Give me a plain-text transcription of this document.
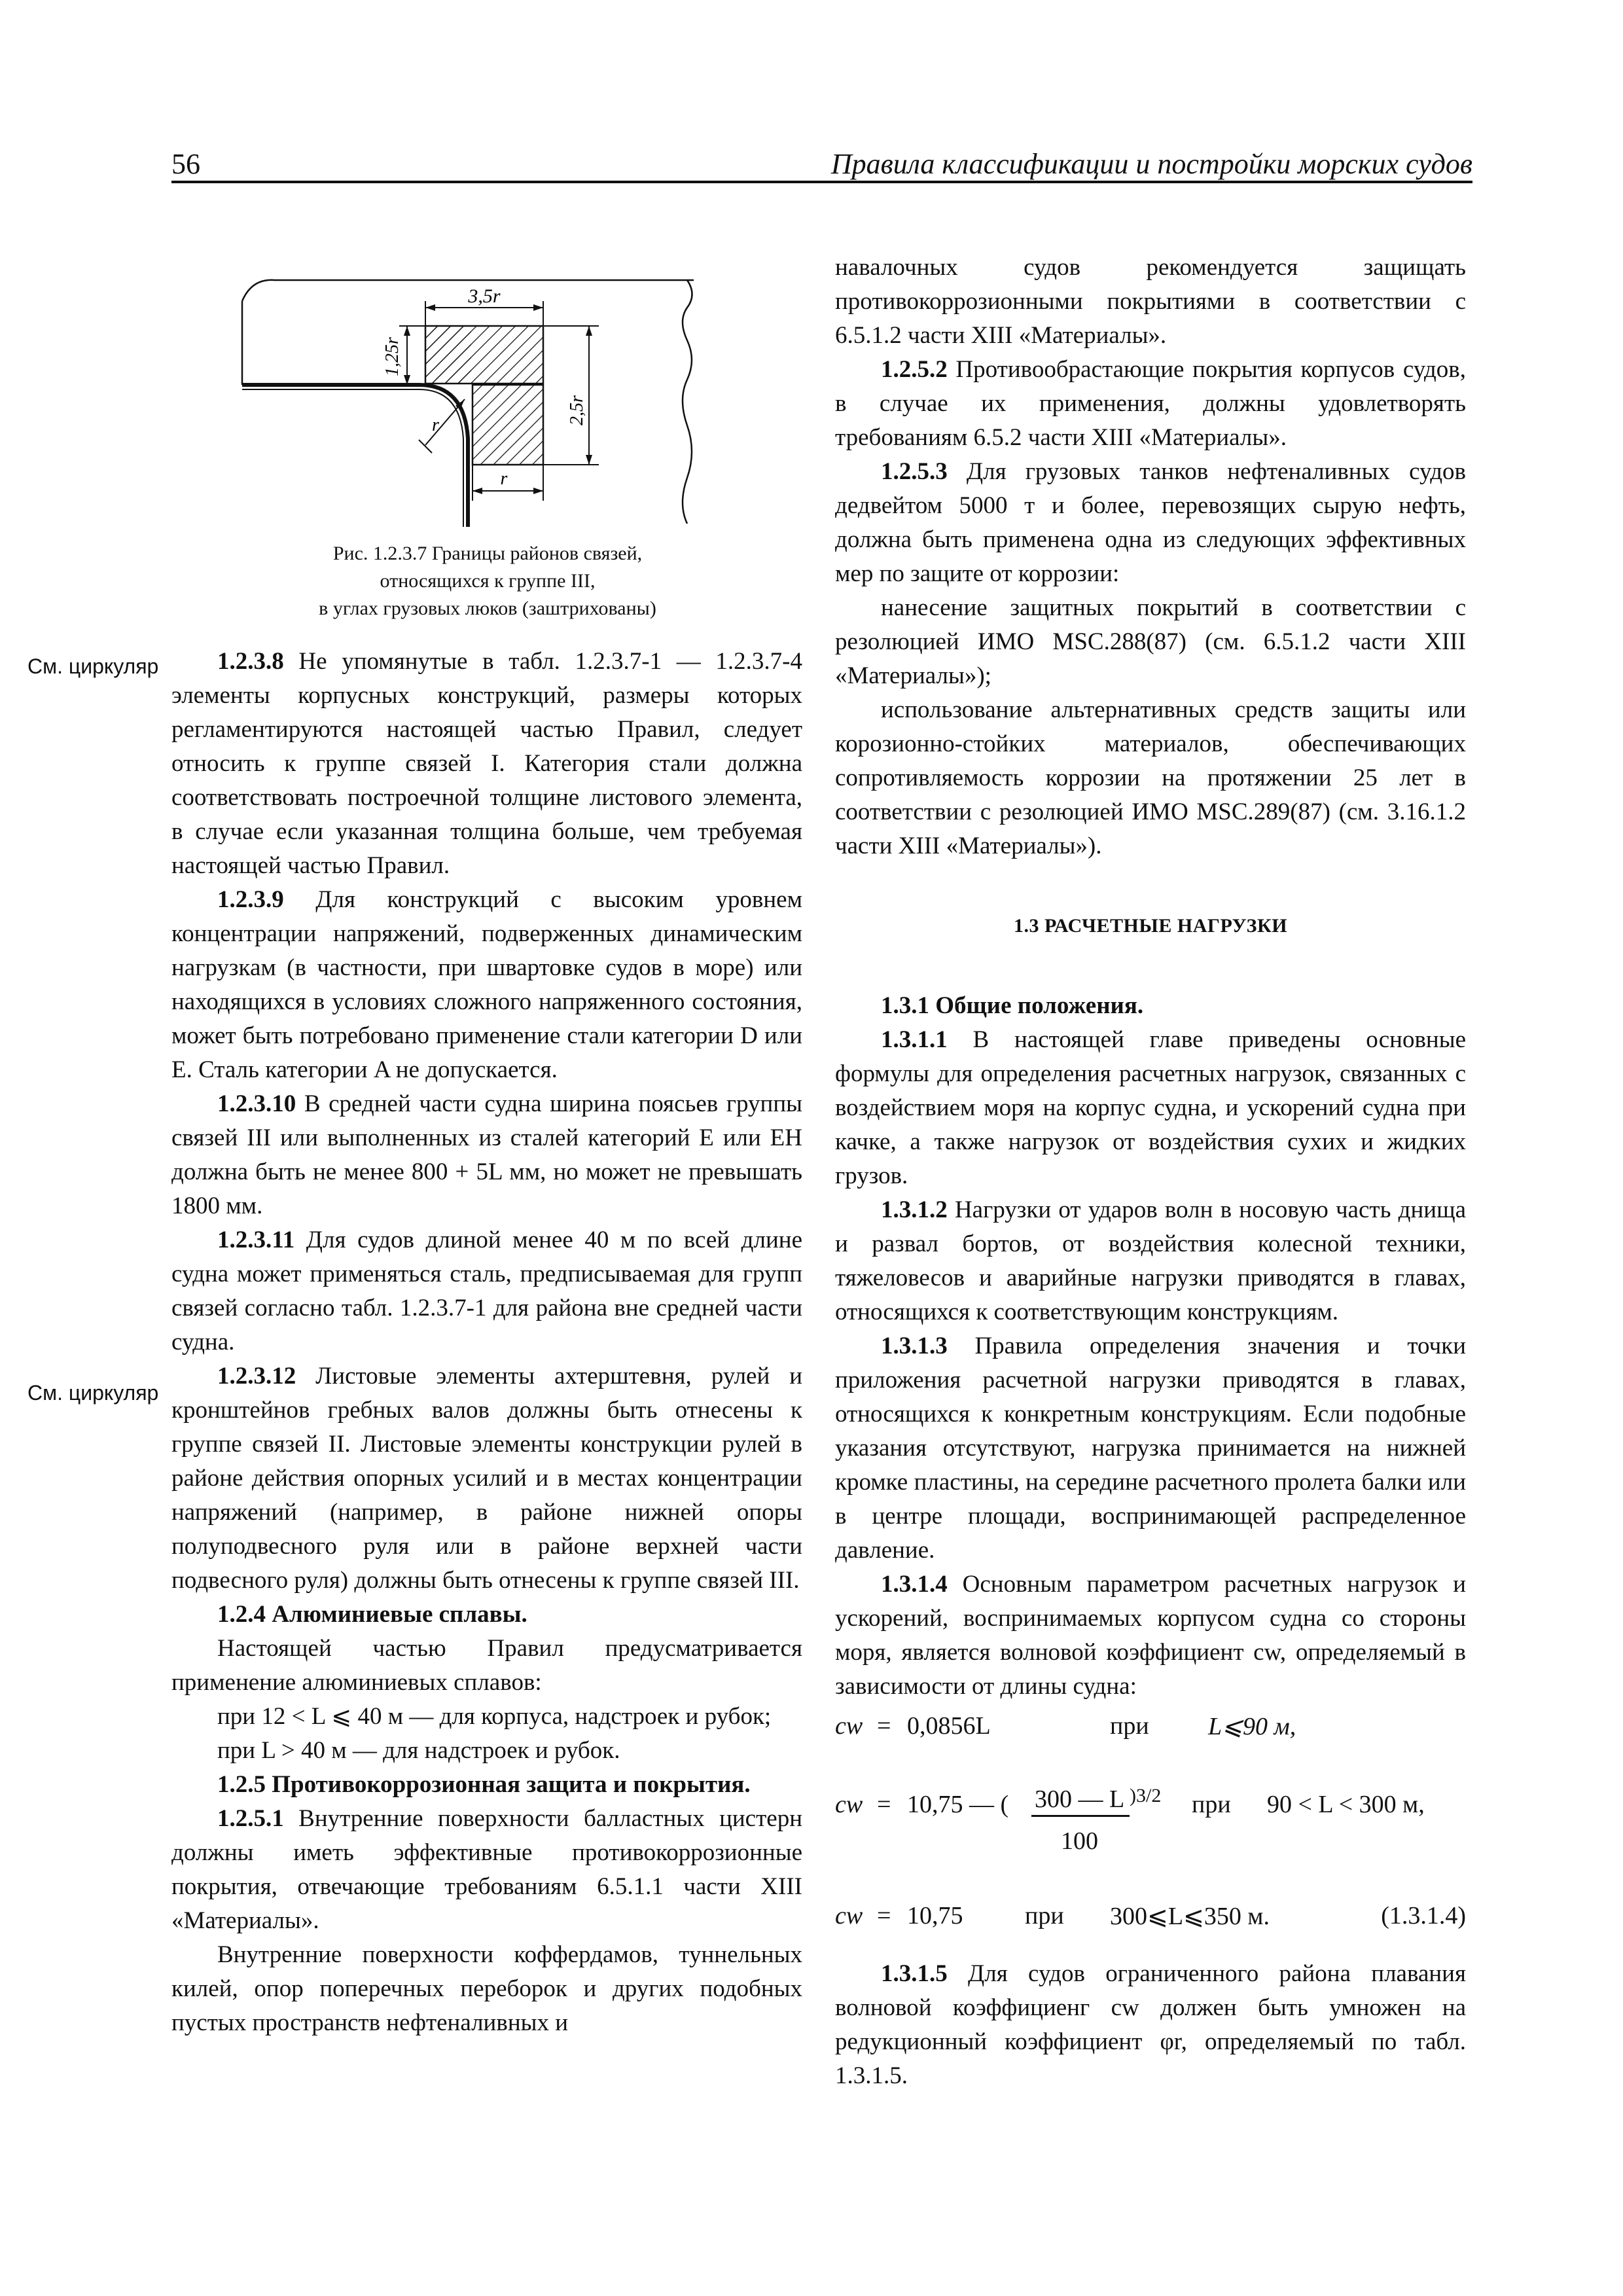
56	Правила классификации и постройки морских судов
3,5r
1,25r
2,5r
r
r
Рис. 1.2.3.7 Границы районов связей,
относящихся к группе III,
в углах грузовых люков (заштрихованы)
См. циркуляр
См. циркуляр

1.2.3.8 Не упомянутые в табл. 1.2.3.7-1 — 1.2.3.7-4 элементы корпусных конструкций, размеры которых регламентируются настоящей частью Правил, следует относить к группе связей I. Категория стали должна соответствовать построечной толщине листового элемента, в случае если указанная толщина больше, чем требуемая настоящей частью Правил.

1.2.3.9 Для конструкций с высоким уровнем концентрации напряжений, подверженных динамическим нагрузкам (в частности, при швартовке судов в море) или находящихся в условиях сложного напряженного состояния, может быть потребовано применение стали категории D или E. Сталь категории A не допускается.

1.2.3.10 В средней части судна ширина поясьев группы связей III или выполненных из сталей категорий E или EH должна быть не менее 800 + 5L мм, но может не превышать 1800 мм.

1.2.3.11 Для судов длиной менее 40 м по всей длине судна может применяться сталь, предписываемая для групп связей согласно табл. 1.2.3.7-1 для района вне средней части судна.

1.2.3.12 Листовые элементы ахтерштевня, рулей и кронштейнов гребных валов должны быть отнесены к группе связей II. Листовые элементы конструкции рулей в районе действия опорных усилий и в местах концентрации напряжений (например, в районе нижней опоры полуподвесного руля или в районе верхней части подвесного руля) должны быть отнесены к группе связей III.

1.2.4 Алюминиевые сплавы.

Настоящей частью Правил предусматривается применение алюминиевых сплавов:

при 12 < L ⩽ 40 м — для корпуса, надстроек и рубок;

при L > 40 м — для надстроек и рубок.

1.2.5 Противокоррозионная защита и покрытия.

1.2.5.1 Внутренние поверхности балластных цистерн должны иметь эффективные противокоррозионные покрытия, отвечающие требованиям 6.5.1.1 части XIII «Материалы».

Внутренние поверхности коффердамов, туннельных килей, опор поперечных переборок и других подобных пустых пространств нефтеналивных и

навалочных судов рекомендуется защищать противокоррозионными покрытиями в соответствии с 6.5.1.2 части XIII «Материалы».

1.2.5.2 Противообрастающие покрытия корпусов судов, в случае их применения, должны удовлетворять требованиям 6.5.2 части XIII «Материалы».

1.2.5.3 Для грузовых танков нефтеналивных судов дедвейтом 5000 т и более, перевозящих сырую нефть, должна быть применена одна из следующих эффективных мер по защите от коррозии:

нанесение защитных покрытий в соответствии с резолюцией ИМО MSC.288(87) (см. 6.5.1.2 части XIII «Материалы»);

использование альтернативных средств защиты или корозионно-стойких материалов, обеспечивающих сопротивляемость коррозии на протяжении 25 лет в соответствии с резолюцией ИМО MSC.289(87) (см. 3.16.1.2 части XIII «Материалы»).

1.3 РАСЧЕТНЫЕ НАГРУЗКИ

1.3.1 Общие положения.

1.3.1.1 В настоящей главе приведены основные формулы для определения расчетных нагрузок, связанных с воздействием моря на корпус судна, и ускорений судна при качке, а также нагрузок от воздействия сухих и жидких грузов.

1.3.1.2 Нагрузки от ударов волн в носовую часть днища и развал бортов, от воздействия колесной техники, тяжеловесов и аварийные нагрузки приводятся в главах, относящихся к соответствующим конструкциям.

1.3.1.3 Правила определения значения и точки приложения расчетной нагрузки приводятся в главах, относящихся к конкретным конструкциям. Если подобные указания отсутствуют, нагрузка принимается на нижней кромке пластины, на середине расчетного пролета балки или в центре площади, воспринимающей распределенное давление.

1.3.1.4 Основным параметром расчетных нагрузок и ускорений, воспринимаемых корпусом судна со стороны моря, является волновой коэффициент cw, определяемый в зависимости от длины судна:

cw = 0,0856L	при L⩽90 м,
cw = 10,75 — ( 300 — L )3/2
100
при 90 < L < 300 м,
cw = 10,75 при 300⩽L⩽350 м.	(1.3.1.4)

1.3.1.5 Для судов ограниченного района плавания волновой коэффициенг cw должен быть умножен на редукционный коэффициент φr, определяемый по табл. 1.3.1.5.
